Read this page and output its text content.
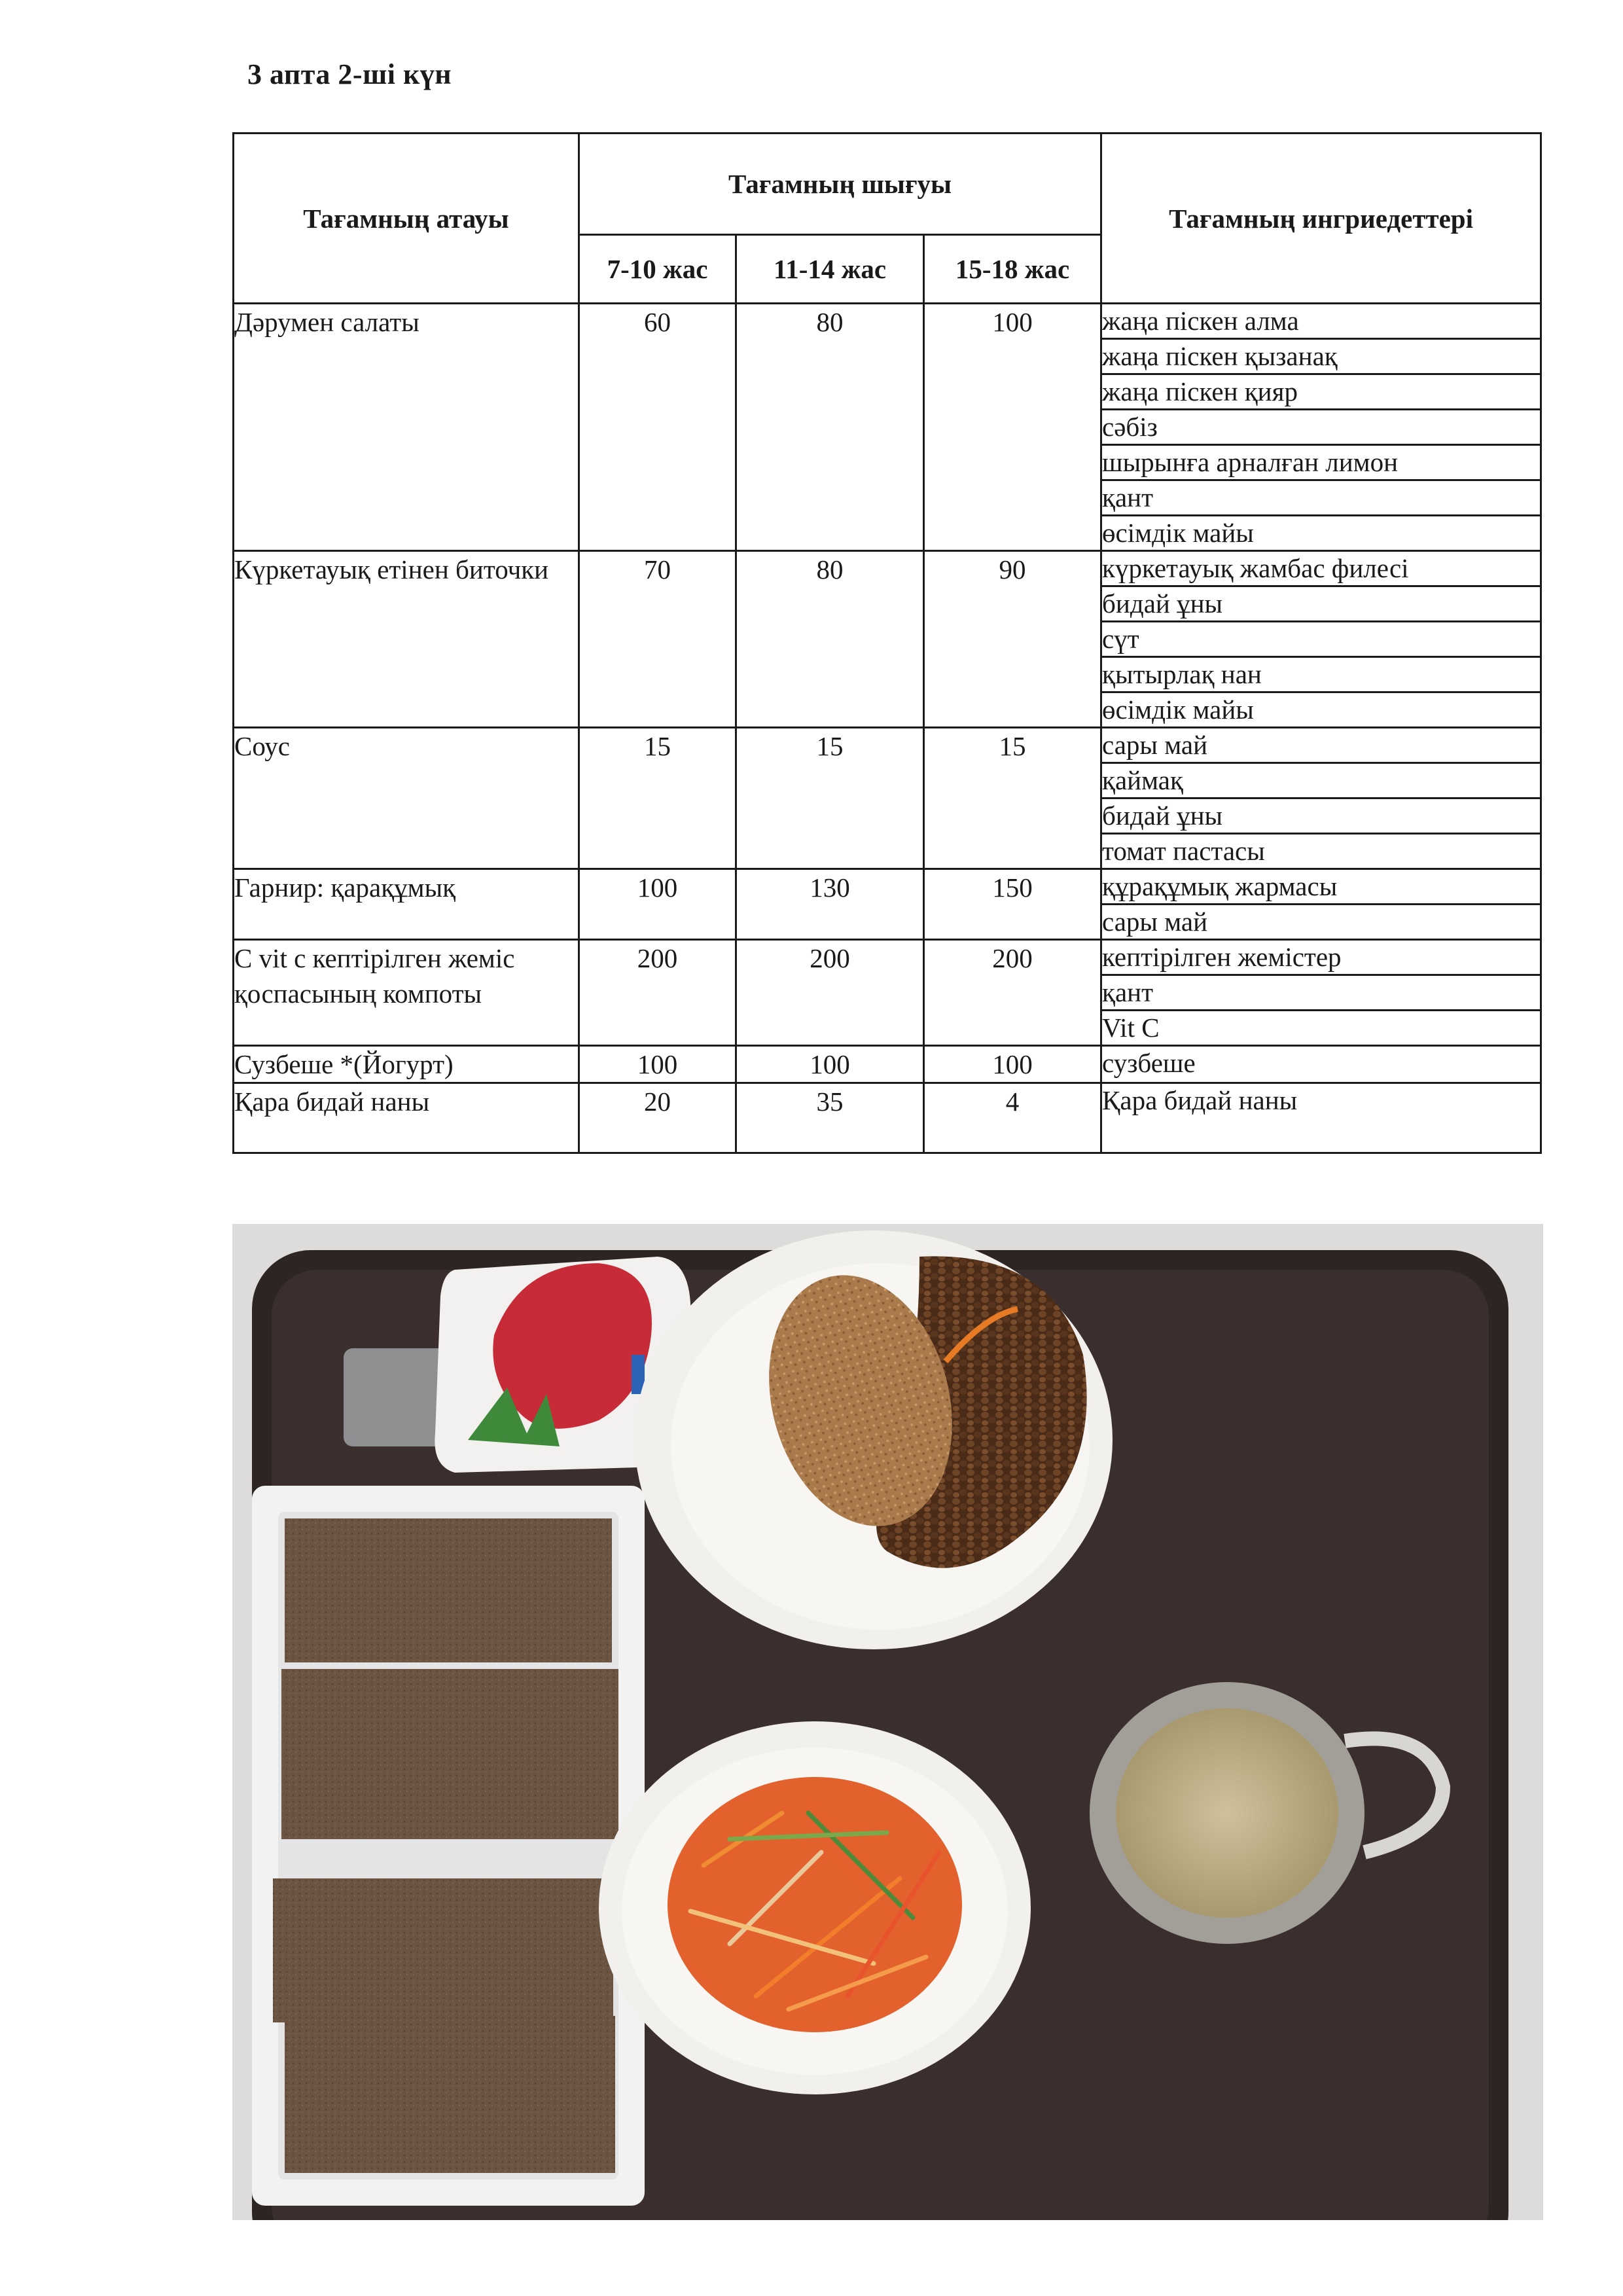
3 апта 2-ші күн
Тағамның атауы	Тағамның шығуы			Тағамның ингриедеттері
	7-10 жас	11-14 жас	15-18 жас	
Дәрумен салаты	60	80	100	жаңа піскен алма
				жаңа піскен қызанақ
				жаңа піскен қияр
				сәбіз
				шырынға арналған лимон
				қант
				өсімдік майы
Күркетауық етінен биточки	70	80	90	күркетауық жамбас филесі
				бидай ұны
				сүт
				қытырлақ нан
				өсімдік майы
Соус	15	15	15	сары май
				қаймақ
				бидай ұны
				томат пастасы
Гарнир: қарақұмық	100	130	150	құрақұмық жармасы
				сары май
С vit с кептірілген жеміс қоспасының компоты	200	200	200	кептірілген жемістер
				қант
				Vit C
Сузбеше *(Йогурт)	100	100	100	сузбеше
Қара бидай наны	20	35	4	Қара бидай наны
